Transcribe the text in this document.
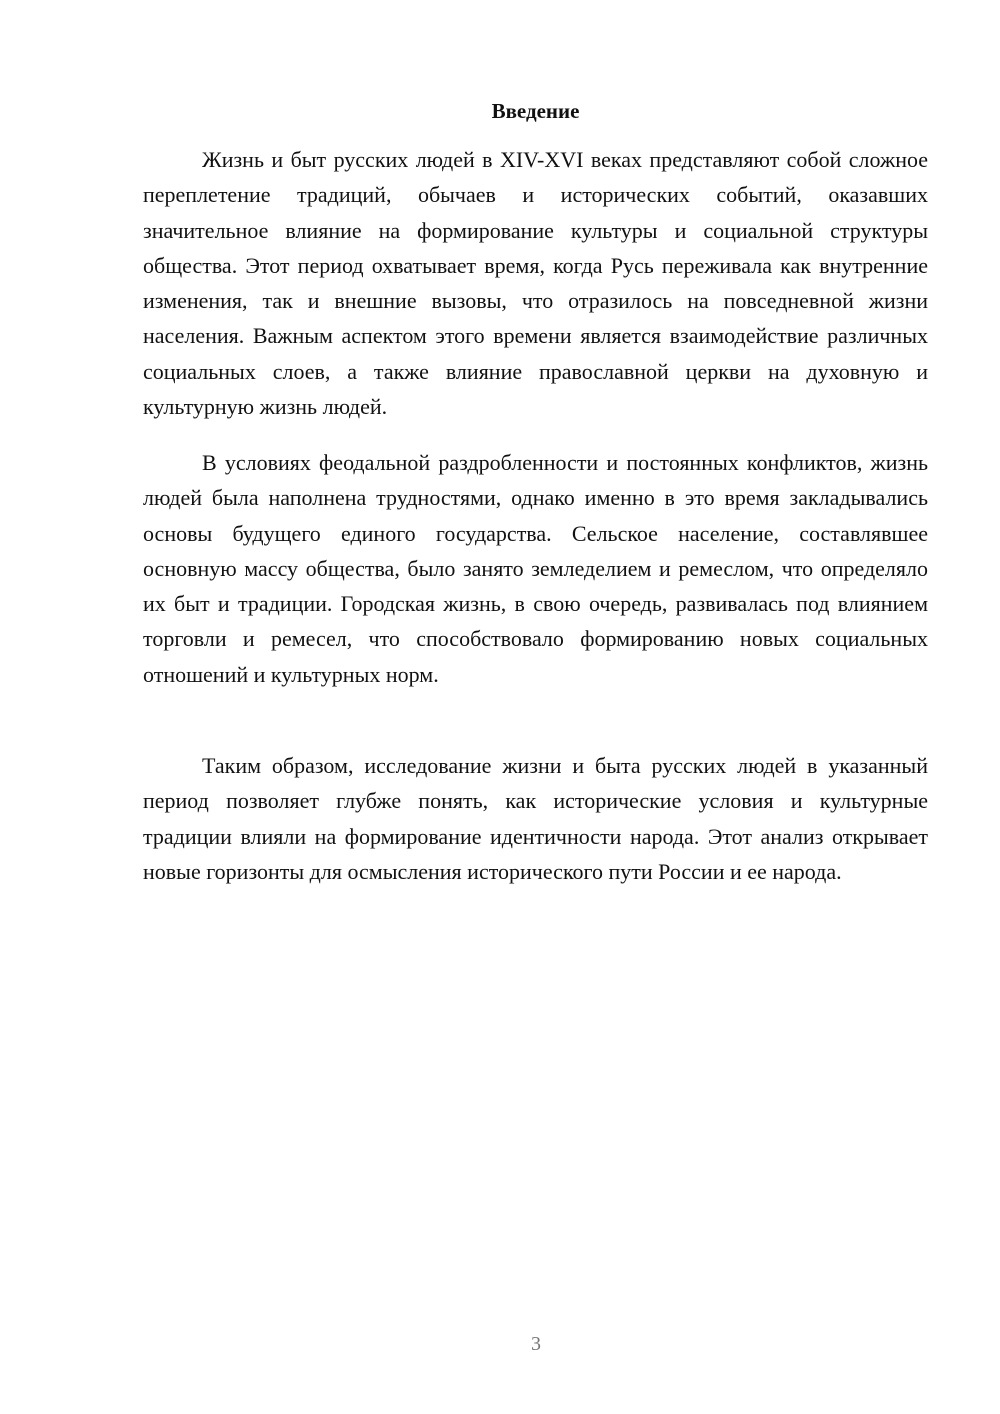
Введение

Жизнь и быт русских людей в XIV-XVI веках представляют собой сложное переплетение традиций, обычаев и исторических событий, оказавших значительное влияние на формирование культуры и социальной структуры общества. Этот период охватывает время, когда Русь переживала как внутренние изменения, так и внешние вызовы, что отразилось на повседневной жизни населения. Важным аспектом этого времени является взаимодействие различных социальных слоев, а также влияние православной церкви на духовную и культурную жизнь людей.

В условиях феодальной раздробленности и постоянных конфликтов, жизнь людей была наполнена трудностями, однако именно в это время закладывались основы будущего единого государства. Сельское население, составлявшее основную массу общества, было занято земледелием и ремеслом, что определяло их быт и традиции. Городская жизнь, в свою очередь, развивалась под влиянием торговли и ремесел, что способствовало формированию новых социальных отношений и культурных норм.

Таким образом, исследование жизни и быта русских людей в указанный период позволяет глубже понять, как исторические условия и культурные традиции влияли на формирование идентичности народа. Этот анализ открывает новые горизонты для осмысления исторического пути России и ее народа.

3
